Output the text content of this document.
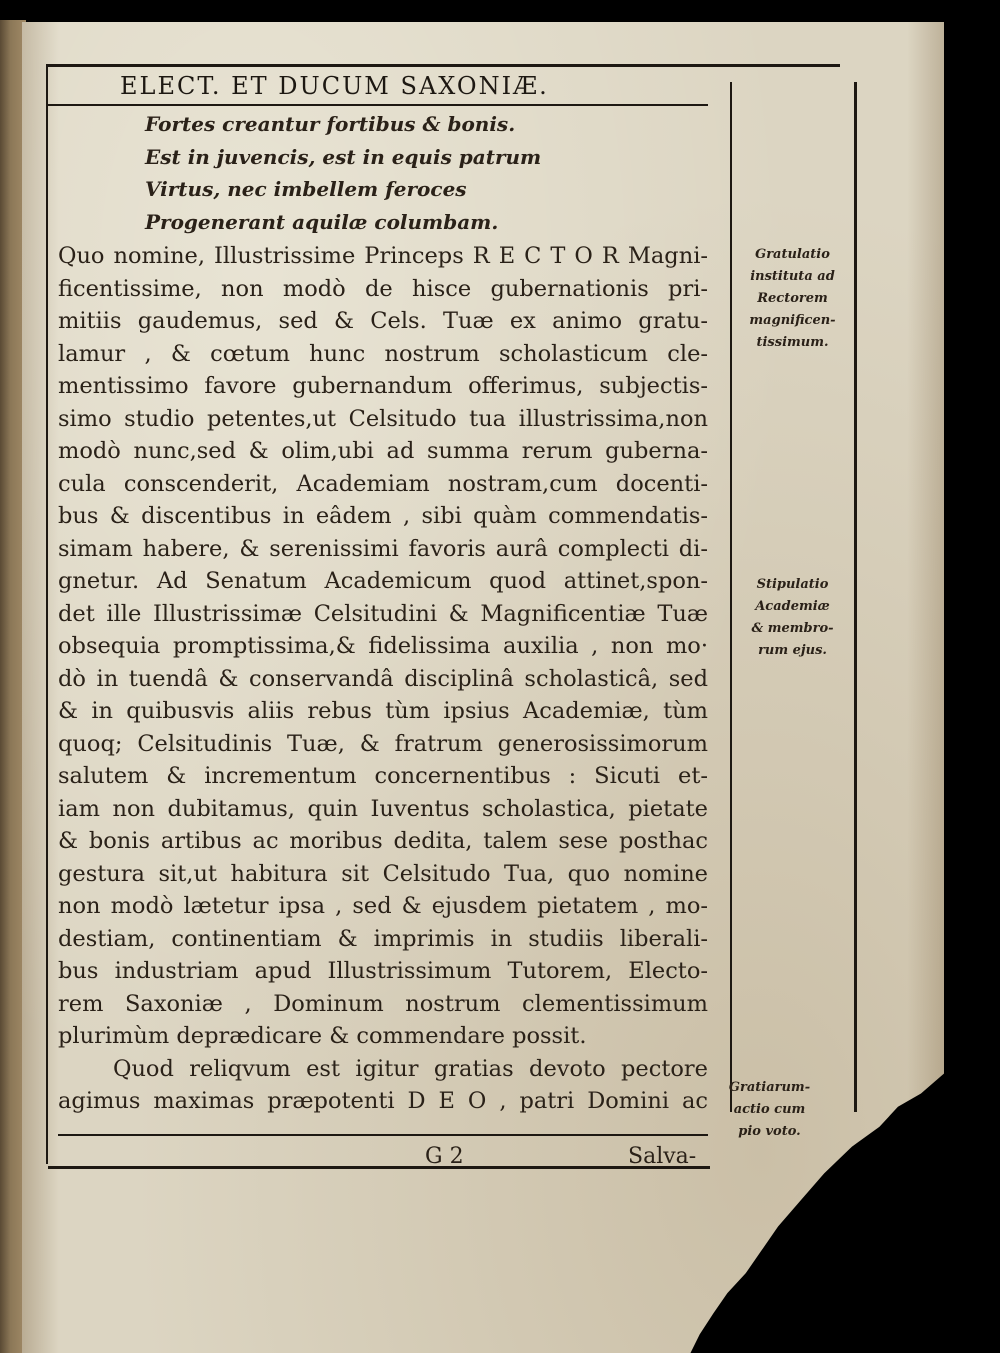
ELECT. ET DUCUM SAXONIÆ.
Fortes creantur fortibus & bonis.
Est in juvencis, est in equis patrum
Virtus, nec imbellem feroces
Progenerant aquilæ columbam.
Quo nomine, Illustrissime Princeps R E C T O R Magni-
ficentissime, non modò de hisce gubernationis pri-
mitiis gaudemus, sed & Cels. Tuæ ex animo gratu-
lamur , & cœtum hunc nostrum scholasticum cle-
mentissimo favore gubernandum offerimus, subjectis-
simo studio petentes,ut Celsitudo tua illustrissima,non
modò nunc,sed & olim,ubi ad summa rerum guberna-
cula conscenderit, Academiam nostram,cum docenti-
bus & discentibus in eâdem , sibi quàm commendatis-
simam habere, & serenissimi favoris aurâ complecti di-
gnetur. Ad Senatum Academicum quod attinet,spon-
det ille Illustrissimæ Celsitudini & Magnificentiæ Tuæ
obsequia promptissima,& fidelissima auxilia , non mo·
dò in tuendâ & conservandâ disciplinâ scholasticâ, sed
& in quibusvis aliis rebus tùm ipsius Academiæ, tùm
quoq; Celsitudinis Tuæ, & fratrum generosissimorum
salutem & incrementum concernentibus : Sicuti et-
iam non dubitamus, quin Iuventus scholastica, pietate
& bonis artibus ac moribus dedita, talem sese posthac
gestura sit,ut habitura sit Celsitudo Tua, quo nomine
non modò lætetur ipsa , sed & ejusdem pietatem , mo-
destiam, continentiam & imprimis in studiis liberali-
bus industriam apud Illustrissimum Tutorem, Electo-
rem Saxoniæ , Dominum nostrum clementissimum
plurimùm deprædicare & commendare possit.
Quod reliqvum est igitur gratias devoto pectore
agimus maximas præpotenti D E O , patri Domini ac
Gratulatio
instituta ad
Rectorem
magnificen-
tissimum.
Stipulatio
Academiæ
& membro-
rum ejus.
Gratiarum-
actio cum
pio voto.
G 2	Salva-
